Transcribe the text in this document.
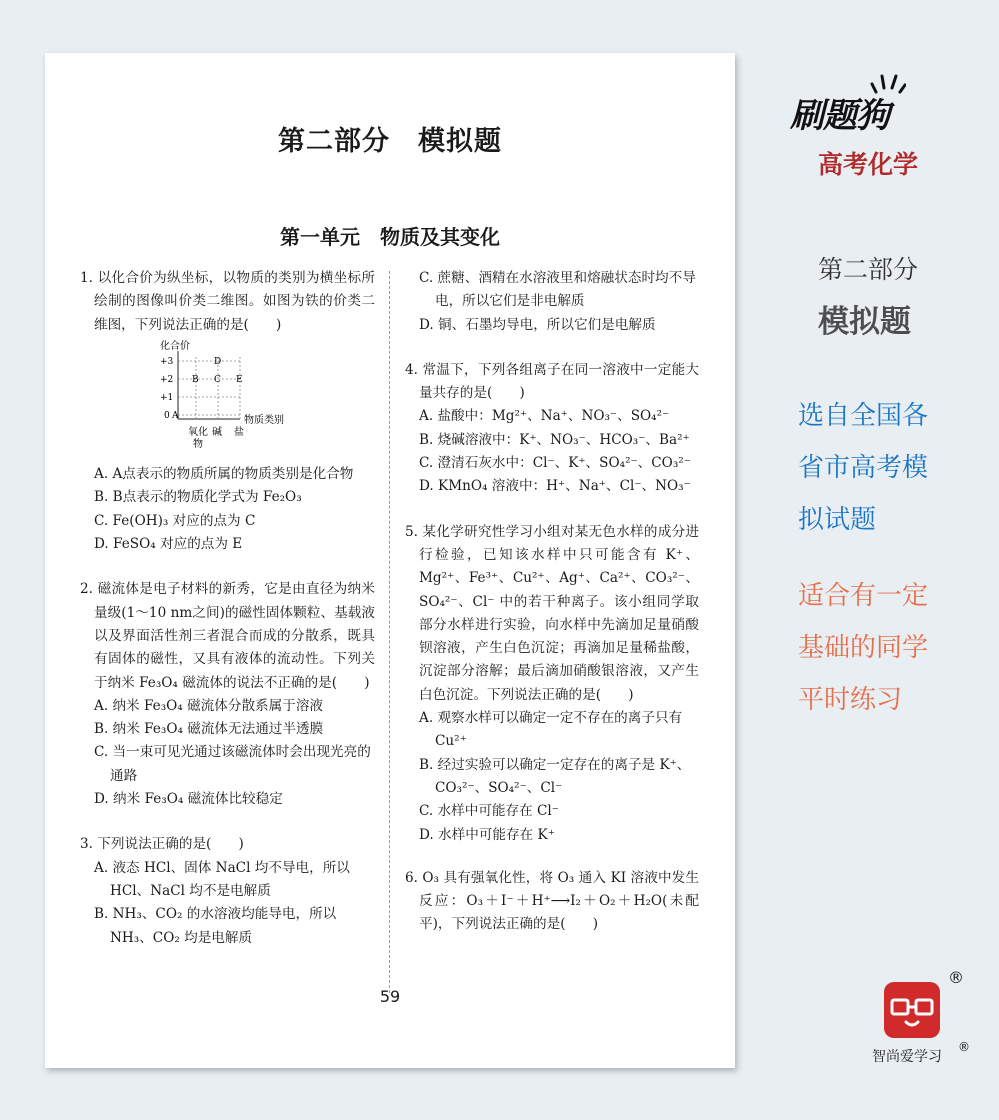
第二部分　模拟题
第一单元　物质及其变化

1. 以化合价为纵坐标，以物质的类别为横坐标所绘制的图像叫价类二维图。如图为铁的价类二维图，下列说法正确的是(　　)

化合价
+3
+2
+1
0
D
B C E
A	物质类别
氧化
物
碱 盐

A. A点表示的物质所属的物质类别是化合物

B. B点表示的物质化学式为 Fe₂O₃

C. Fe(OH)₃ 对应的点为 C

D. FeSO₄ 对应的点为 E

2. 磁流体是电子材料的新秀，它是由直径为纳米量级(1～10 nm之间)的磁性固体颗粒、基载液以及界面活性剂三者混合而成的分散系，既具有固体的磁性，又具有液体的流动性。下列关于纳米 Fe₃O₄ 磁流体的说法不正确的是(　　)

A. 纳米 Fe₃O₄ 磁流体分散系属于溶液

B. 纳米 Fe₃O₄ 磁流体无法通过半透膜

C. 当一束可见光通过该磁流体时会出现光亮的通路

D. 纳米 Fe₃O₄ 磁流体比较稳定

3. 下列说法正确的是(　　)

A. 液态 HCl、固体 NaCl 均不导电，所以 HCl、NaCl 均不是电解质

B. NH₃、CO₂ 的水溶液均能导电，所以 NH₃、CO₂ 均是电解质

C. 蔗糖、酒精在水溶液里和熔融状态时均不导电，所以它们是非电解质

D. 铜、石墨均导电，所以它们是电解质

4. 常温下，下列各组离子在同一溶液中一定能大量共存的是(　　)

A. 盐酸中：Mg²⁺、Na⁺、NO₃⁻、SO₄²⁻

B. 烧碱溶液中：K⁺、NO₃⁻、HCO₃⁻、Ba²⁺

C. 澄清石灰水中：Cl⁻、K⁺、SO₄²⁻、CO₃²⁻

D. KMnO₄ 溶液中：H⁺、Na⁺、Cl⁻、NO₃⁻

5. 某化学研究性学习小组对某无色水样的成分进行检验，已知该水样中只可能含有 K⁺、Mg²⁺、Fe³⁺、Cu²⁺、Ag⁺、Ca²⁺、CO₃²⁻、SO₄²⁻、Cl⁻ 中的若干种离子。该小组同学取部分水样进行实验，向水样中先滴加足量硝酸钡溶液，产生白色沉淀；再滴加足量稀盐酸，沉淀部分溶解；最后滴加硝酸银溶液，又产生白色沉淀。下列说法正确的是(　　)

A. 观察水样可以确定一定不存在的离子只有 Cu²⁺

B. 经过实验可以确定一定存在的离子是 K⁺、CO₃²⁻、SO₄²⁻、Cl⁻

C. 水样中可能存在 Cl⁻

D. 水样中可能存在 K⁺

6. O₃ 具有强氧化性，将 O₃ 通入 KI 溶液中发生反应：O₃＋I⁻＋H⁺⟶I₂＋O₂＋H₂O(未配平)，下列说法正确的是(　　)

59
刷题狗
高考化学
第二部分
模拟题
选自全国各
省市高考模
拟试题
适合有一定
基础的同学
平时练习
®
智尚爱学习
®
